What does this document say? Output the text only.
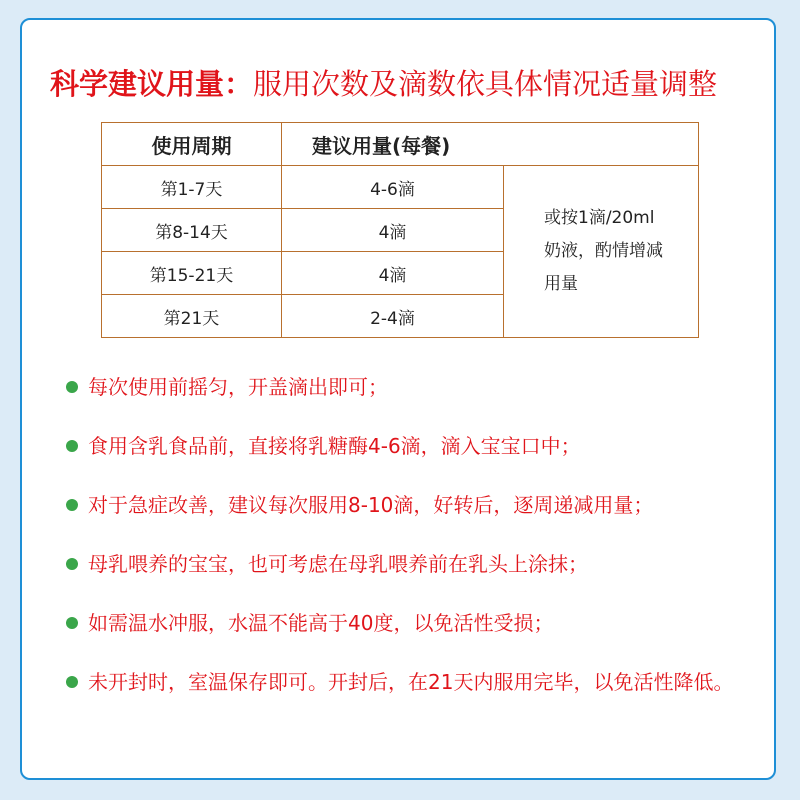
科学建议用量：服用次数及滴数依具体情况适量调整
使用周期	建议用量(每餐)	
第1-7天	4-6滴	或按1滴/20ml奶液，酌情增减用量

第8-14天	4滴	
第15-21天	4滴	
第21天	2-4滴	
每次使用前摇匀，开盖滴出即可；
食用含乳食品前，直接将乳糖酶4-6滴，滴入宝宝口中；
对于急症改善，建议每次服用8-10滴，好转后，逐周递减用量；
母乳喂养的宝宝，也可考虑在母乳喂养前在乳头上涂抹；
如需温水冲服，水温不能高于40度，以免活性受损；
未开封时，室温保存即可。开封后，在21天内服用完毕，以免活性降低。
